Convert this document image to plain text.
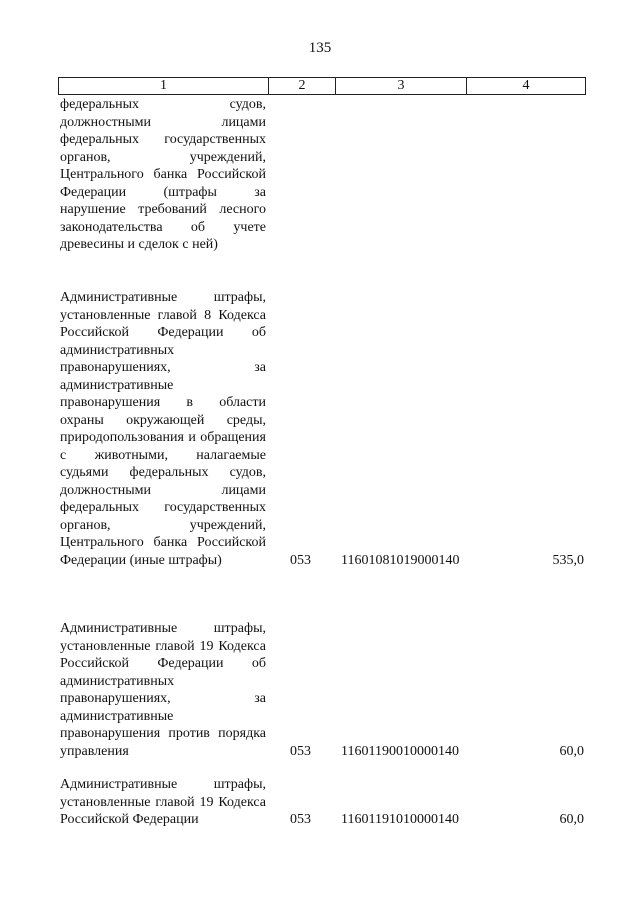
135
1	2	3	4
федеральных судов, должностными лицами федеральных государственных органов, учреждений, Центрального банка Российской Федерации (штрафы за нарушение требований лесного законодательства об учете древесины и сделок с ней)
Административные штрафы, установленные главой 8 Кодекса Российской Федерации об административных правонарушениях, за административные правонарушения в области охраны окружающей среды, природопользования и обращения с животными, налагаемые судьями федеральных судов, должностными лицами федеральных государственных органов, учреждений, Центрального банка Российской Федерации (иные штрафы)	053	11601081019000140	535,0
Административные штрафы, установленные главой 19 Кодекса Российской Федерации об административных правонарушениях, за административные правонарушения против порядка управления	053	11601190010000140	60,0
Административные штрафы, установленные главой 19 Кодекса Российской Федерации	053	11601191010000140	60,0
